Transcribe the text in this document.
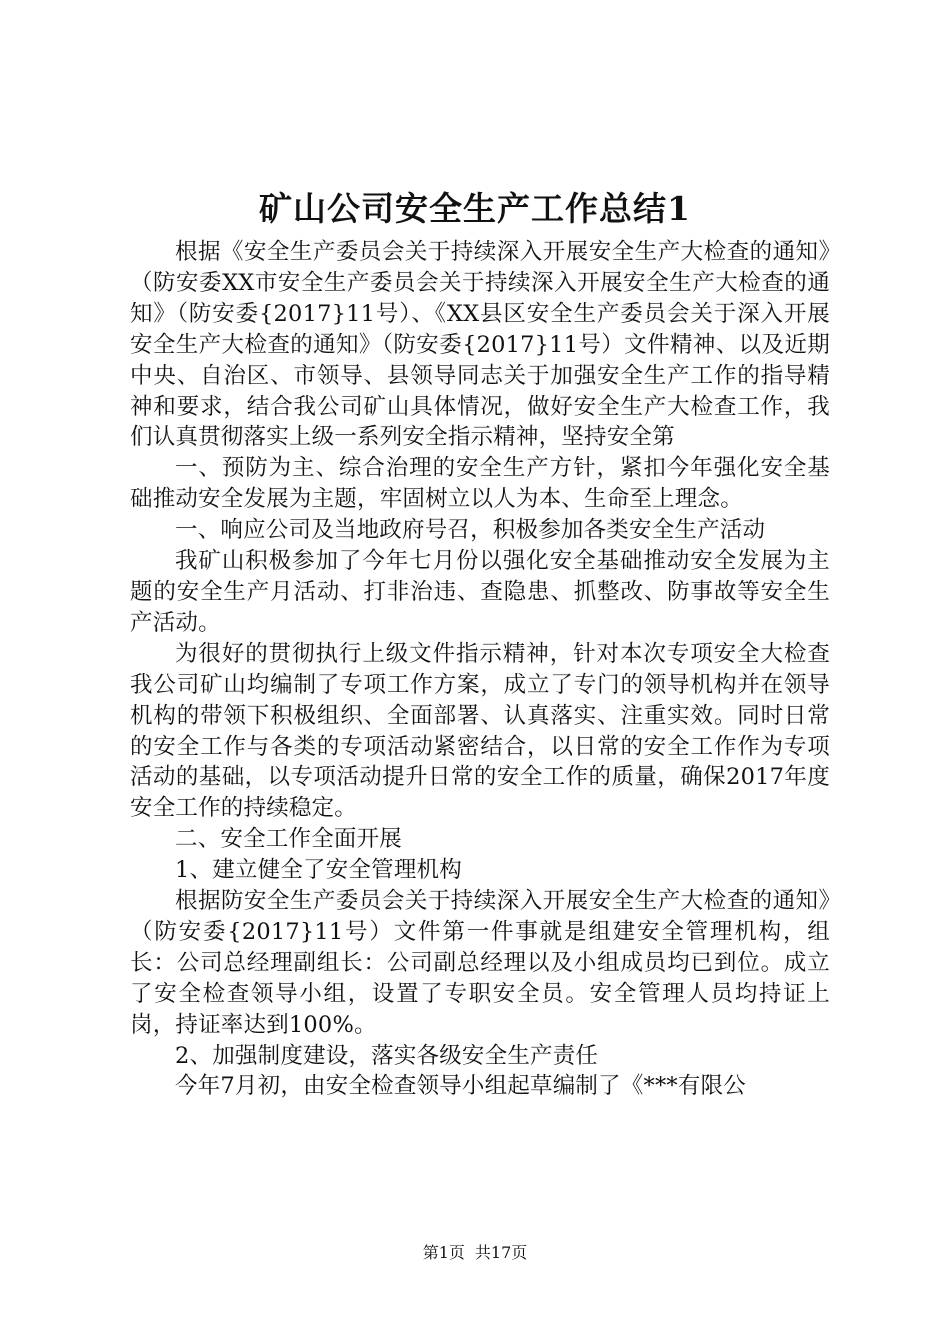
矿山公司安全生产工作总结1

根据《安全生产委员会关于持续深入开展安全生产大检查的通知》（防安委XX市安全生产委员会关于持续深入开展安全生产大检查的通知》（防安委{2017}11号）、《XX县区安全生产委员会关于深入开展安全生产大检查的通知》（防安委{2017}11号）文件精神、以及近期中央、自治区、市领导、县领导同志关于加强安全生产工作的指导精神和要求，结合我公司矿山具体情况，做好安全生产大检查工作，我们认真贯彻落实上级一系列安全指示精神，坚持安全第

一、预防为主、综合治理的安全生产方针，紧扣今年强化安全基础推动安全发展为主题，牢固树立以人为本、生命至上理念。

一、响应公司及当地政府号召，积极参加各类安全生产活动

我矿山积极参加了今年七月份以强化安全基础推动安全发展为主题的安全生产月活动、打非治违、查隐患、抓整改、防事故等安全生产活动。

为很好的贯彻执行上级文件指示精神，针对本次专项安全大检查我公司矿山均编制了专项工作方案，成立了专门的领导机构并在领导机构的带领下积极组织、全面部署、认真落实、注重实效。同时日常的安全工作与各类的专项活动紧密结合，以日常的安全工作作为专项活动的基础，以专项活动提升日常的安全工作的质量，确保2017年度安全工作的持续稳定。

二、安全工作全面开展

1、建立健全了安全管理机构

根据防安全生产委员会关于持续深入开展安全生产大检查的通知》（防安委{2017}11号）文件第一件事就是组建安全管理机构，组长：公司总经理副组长：公司副总经理以及小组成员均已到位。成立了安全检查领导小组，设置了专职安全员。安全管理人员均持证上岗，持证率达到100%。

2、加强制度建设，落实各级安全生产责任

今年7月初，由安全检查领导小组起草编制了《***有限公

第1页 共17页
